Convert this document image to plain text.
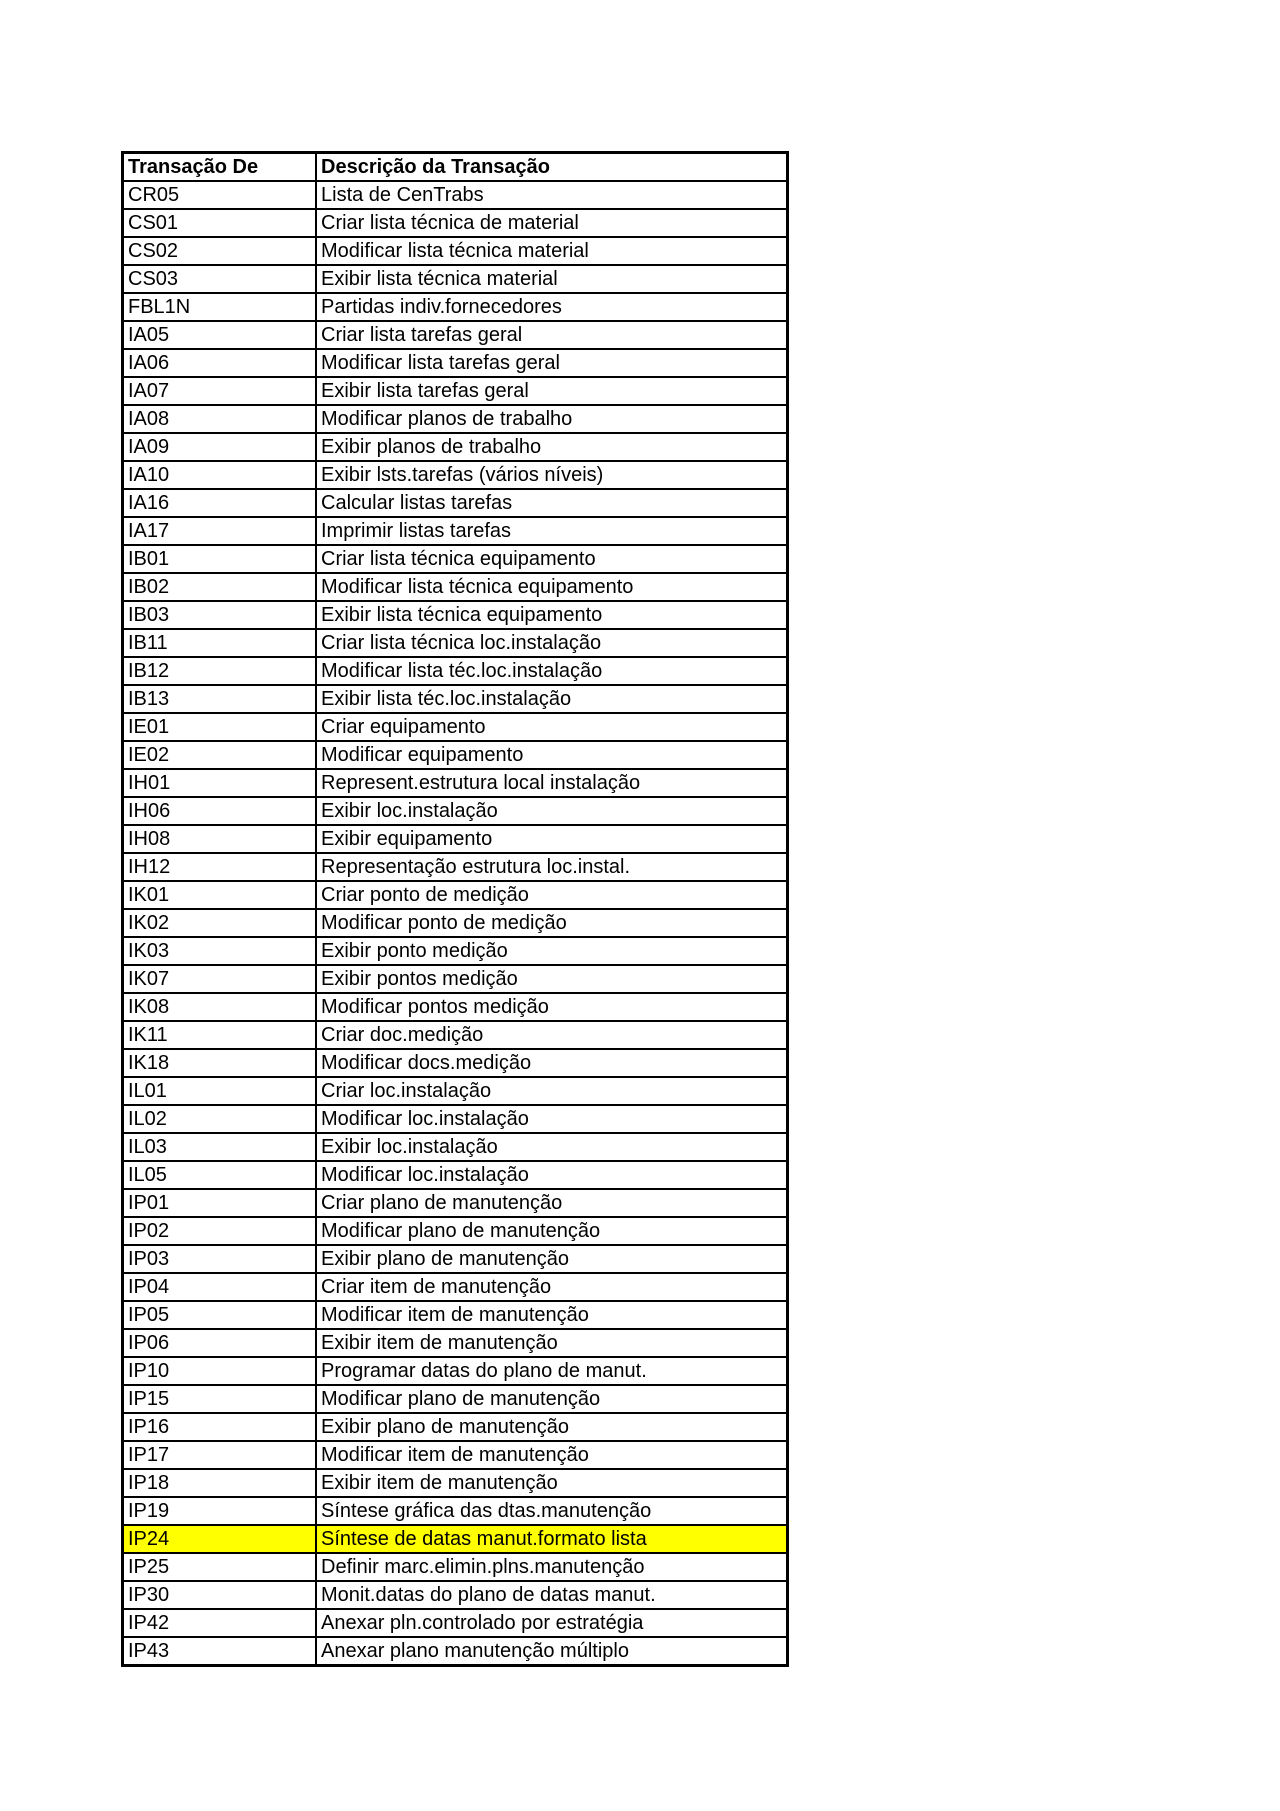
Transação De	Descrição da Transação
CR05	Lista de CenTrabs
CS01	Criar lista técnica de material
CS02	Modificar lista técnica material
CS03	Exibir lista técnica material
FBL1N	Partidas indiv.fornecedores
IA05	Criar lista tarefas geral
IA06	Modificar lista tarefas geral
IA07	Exibir lista tarefas geral
IA08	Modificar planos de trabalho
IA09	Exibir planos de trabalho
IA10	Exibir lsts.tarefas (vários níveis)
IA16	Calcular listas tarefas
IA17	Imprimir listas tarefas
IB01	Criar lista técnica equipamento
IB02	Modificar lista técnica equipamento
IB03	Exibir lista técnica equipamento
IB11	Criar lista técnica loc.instalação
IB12	Modificar lista téc.loc.instalação
IB13	Exibir lista téc.loc.instalação
IE01	Criar equipamento
IE02	Modificar equipamento
IH01	Represent.estrutura local instalação
IH06	Exibir loc.instalação
IH08	Exibir equipamento
IH12	Representação estrutura loc.instal.
IK01	Criar ponto de medição
IK02	Modificar ponto de medição
IK03	Exibir ponto medição
IK07	Exibir pontos medição
IK08	Modificar pontos medição
IK11	Criar doc.medição
IK18	Modificar docs.medição
IL01	Criar loc.instalação
IL02	Modificar loc.instalação
IL03	Exibir loc.instalação
IL05	Modificar loc.instalação
IP01	Criar plano de manutenção
IP02	Modificar plano de manutenção
IP03	Exibir plano de manutenção
IP04	Criar item de manutenção
IP05	Modificar item de manutenção
IP06	Exibir item de manutenção
IP10	Programar datas do plano de manut.
IP15	Modificar plano de manutenção
IP16	Exibir plano de manutenção
IP17	Modificar item de manutenção
IP18	Exibir item de manutenção
IP19	Síntese gráfica das dtas.manutenção
IP24	Síntese de datas manut.formato lista
IP25	Definir marc.elimin.plns.manutenção
IP30	Monit.datas do plano de datas manut.
IP42	Anexar pln.controlado por estratégia
IP43	Anexar plano manutenção múltiplo
